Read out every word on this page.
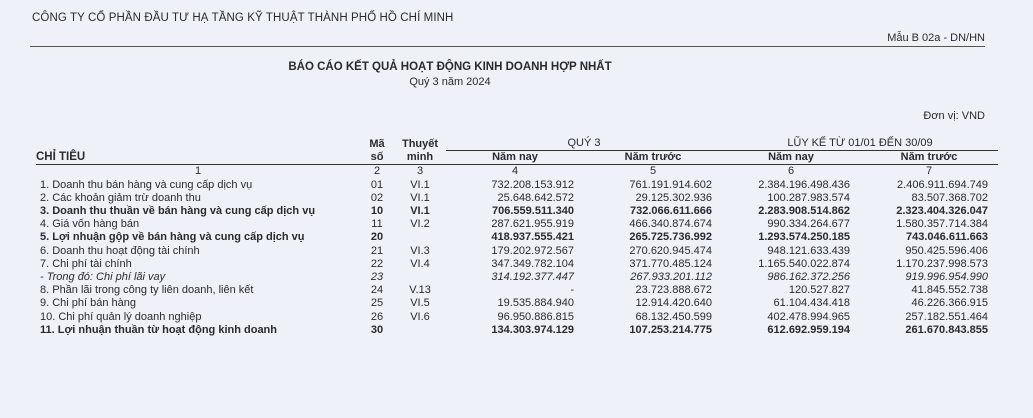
CÔNG TY CỔ PHẦN ĐẦU TƯ HẠ TẦNG KỸ THUẬT THÀNH PHỐ HỒ CHÍ MINH
Mẫu B 02a - DN/HN
BÁO CÁO KẾT QUẢ HOẠT ĐỘNG KINH DOANH HỢP NHẤT
Quý 3 năm 2024
Đơn vị: VND
	Mã	Thuyết	QUÝ 3		LŨY KẾ TỪ 01/01 ĐẾN 30/09	
CHỈ TIÊU	số	minh	Năm nay	Năm trước	Năm nay	Năm trước
1	2	3	4	5	6	7
1. Doanh thu bán hàng và cung cấp dịch vụ	01	VI.1	732.208.153.912	761.191.914.602	2.384.196.498.436	2.406.911.694.749
2. Các khoản giảm trừ doanh thu	02	VI.1	25.648.642.572	29.125.302.936	100.287.983.574	83.507.368.702
3. Doanh thu thuần về bán hàng và cung cấp dịch vụ	10	VI.1	706.559.511.340	732.066.611.666	2.283.908.514.862	2.323.404.326.047
4. Giá vốn hàng bán	11	VI.2	287.621.955.919	466.340.874.674	990.334.264.677	1.580.357.714.384
5. Lợi nhuận gộp về bán hàng và cung cấp dịch vụ	20		418.937.555.421	265.725.736.992	1.293.574.250.185	743.046.611.663
6. Doanh thu hoạt động tài chính	21	VI.3	179.202.972.567	270.620.945.474	948.121.633.439	950.425.596.406
7. Chi phí tài chính	22	VI.4	347.349.782.104	371.770.485.124	1.165.540.022.874	1.170.237.998.573
- Trong đó: Chi phí lãi vay	23		314.192.377.447	267.933.201.112	986.162.372.256	919.996.954.990
8. Phần lãi trong công ty liên doanh, liên kết	24	V.13	-	23.723.888.672	120.527.827	41.845.552.738
9. Chi phí bán hàng	25	VI.5	19.535.884.940	12.914.420.640	61.104.434.418	46.226.366.915
10. Chi phí quản lý doanh nghiệp	26	VI.6	96.950.886.815	68.132.450.599	402.478.994.965	257.182.551.464
11. Lợi nhuận thuần từ hoạt động kinh doanh	30		134.303.974.129	107.253.214.775	612.692.959.194	261.670.843.855
